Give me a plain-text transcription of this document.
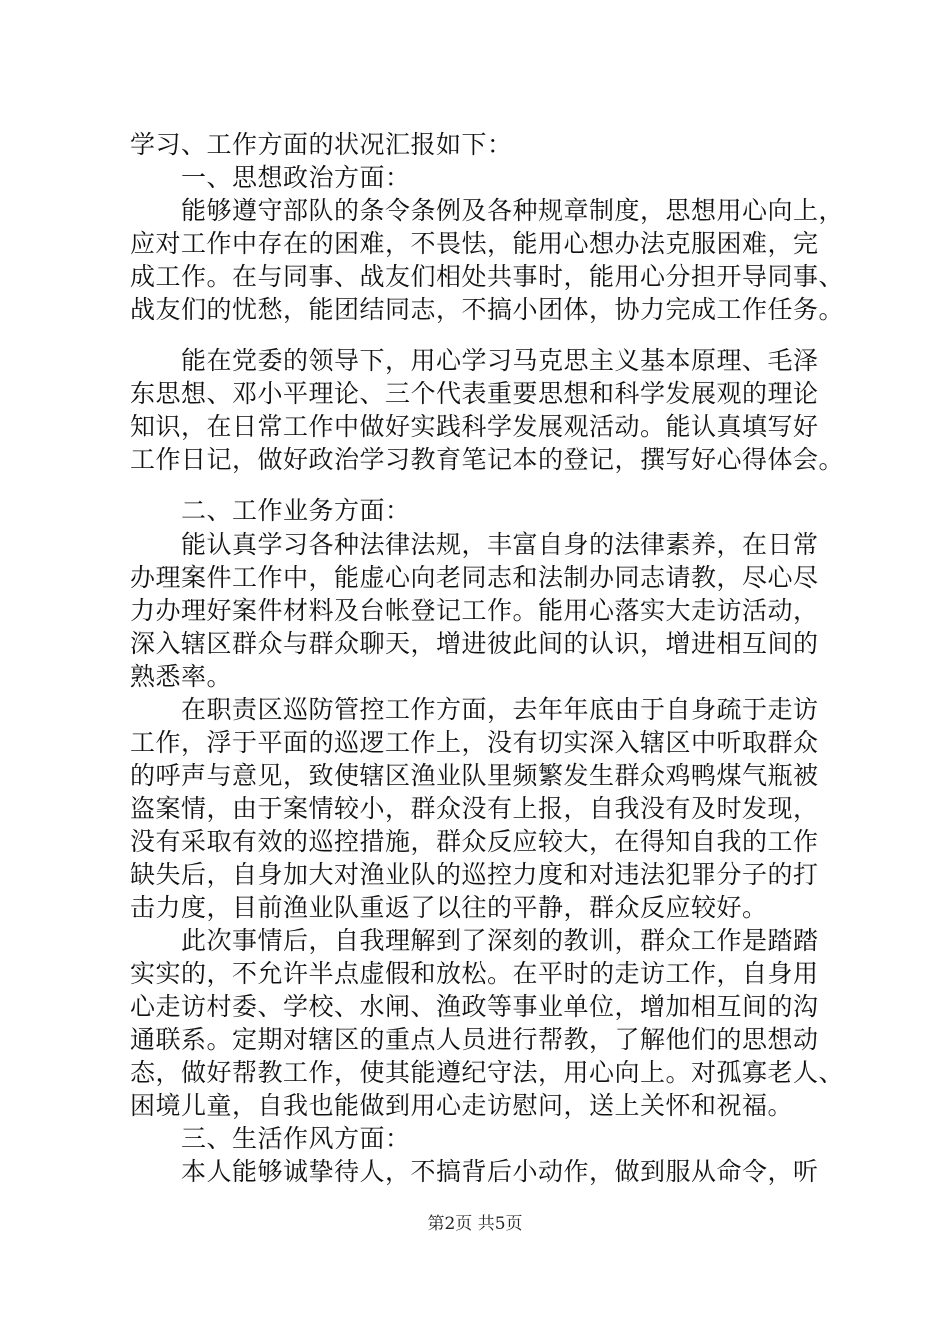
学习、工作方面的状况汇报如下：
　　一、思想政治方面：
　　能够遵守部队的条令条例及各种规章制度，思想用心向上，
应对工作中存在的困难，不畏怯，能用心想办法克服困难，完
成工作。在与同事、战友们相处共事时，能用心分担开导同事、
战友们的忧愁，能团结同志，不搞小团体，协力完成工作任务。
　　能在党委的领导下，用心学习马克思主义基本原理、毛泽
东思想、邓小平理论、三个代表重要思想和科学发展观的理论
知识，在日常工作中做好实践科学发展观活动。能认真填写好
工作日记，做好政治学习教育笔记本的登记，撰写好心得体会。
　　二、工作业务方面：
　　能认真学习各种法律法规，丰富自身的法律素养，在日常
办理案件工作中，能虚心向老同志和法制办同志请教，尽心尽
力办理好案件材料及台帐登记工作。能用心落实大走访活动，
深入辖区群众与群众聊天，增进彼此间的认识，增进相互间的
熟悉率。
　　在职责区巡防管控工作方面，去年年底由于自身疏于走访
工作，浮于平面的巡逻工作上，没有切实深入辖区中听取群众
的呼声与意见，致使辖区渔业队里频繁发生群众鸡鸭煤气瓶被
盗案情，由于案情较小，群众没有上报，自我没有及时发现，
没有采取有效的巡控措施，群众反应较大，在得知自我的工作
缺失后，自身加大对渔业队的巡控力度和对违法犯罪分子的打
击力度，目前渔业队重返了以往的平静，群众反应较好。
　　此次事情后，自我理解到了深刻的教训，群众工作是踏踏
实实的，不允许半点虚假和放松。在平时的走访工作，自身用
心走访村委、学校、水闸、渔政等事业单位，增加相互间的沟
通联系。定期对辖区的重点人员进行帮教，了解他们的思想动
态，做好帮教工作，使其能遵纪守法，用心向上。对孤寡老人、
困境儿童，自我也能做到用心走访慰问，送上关怀和祝福。
　　三、生活作风方面：
　　本人能够诚挚待人，不搞背后小动作，做到服从命令，听
第2页 共5页
